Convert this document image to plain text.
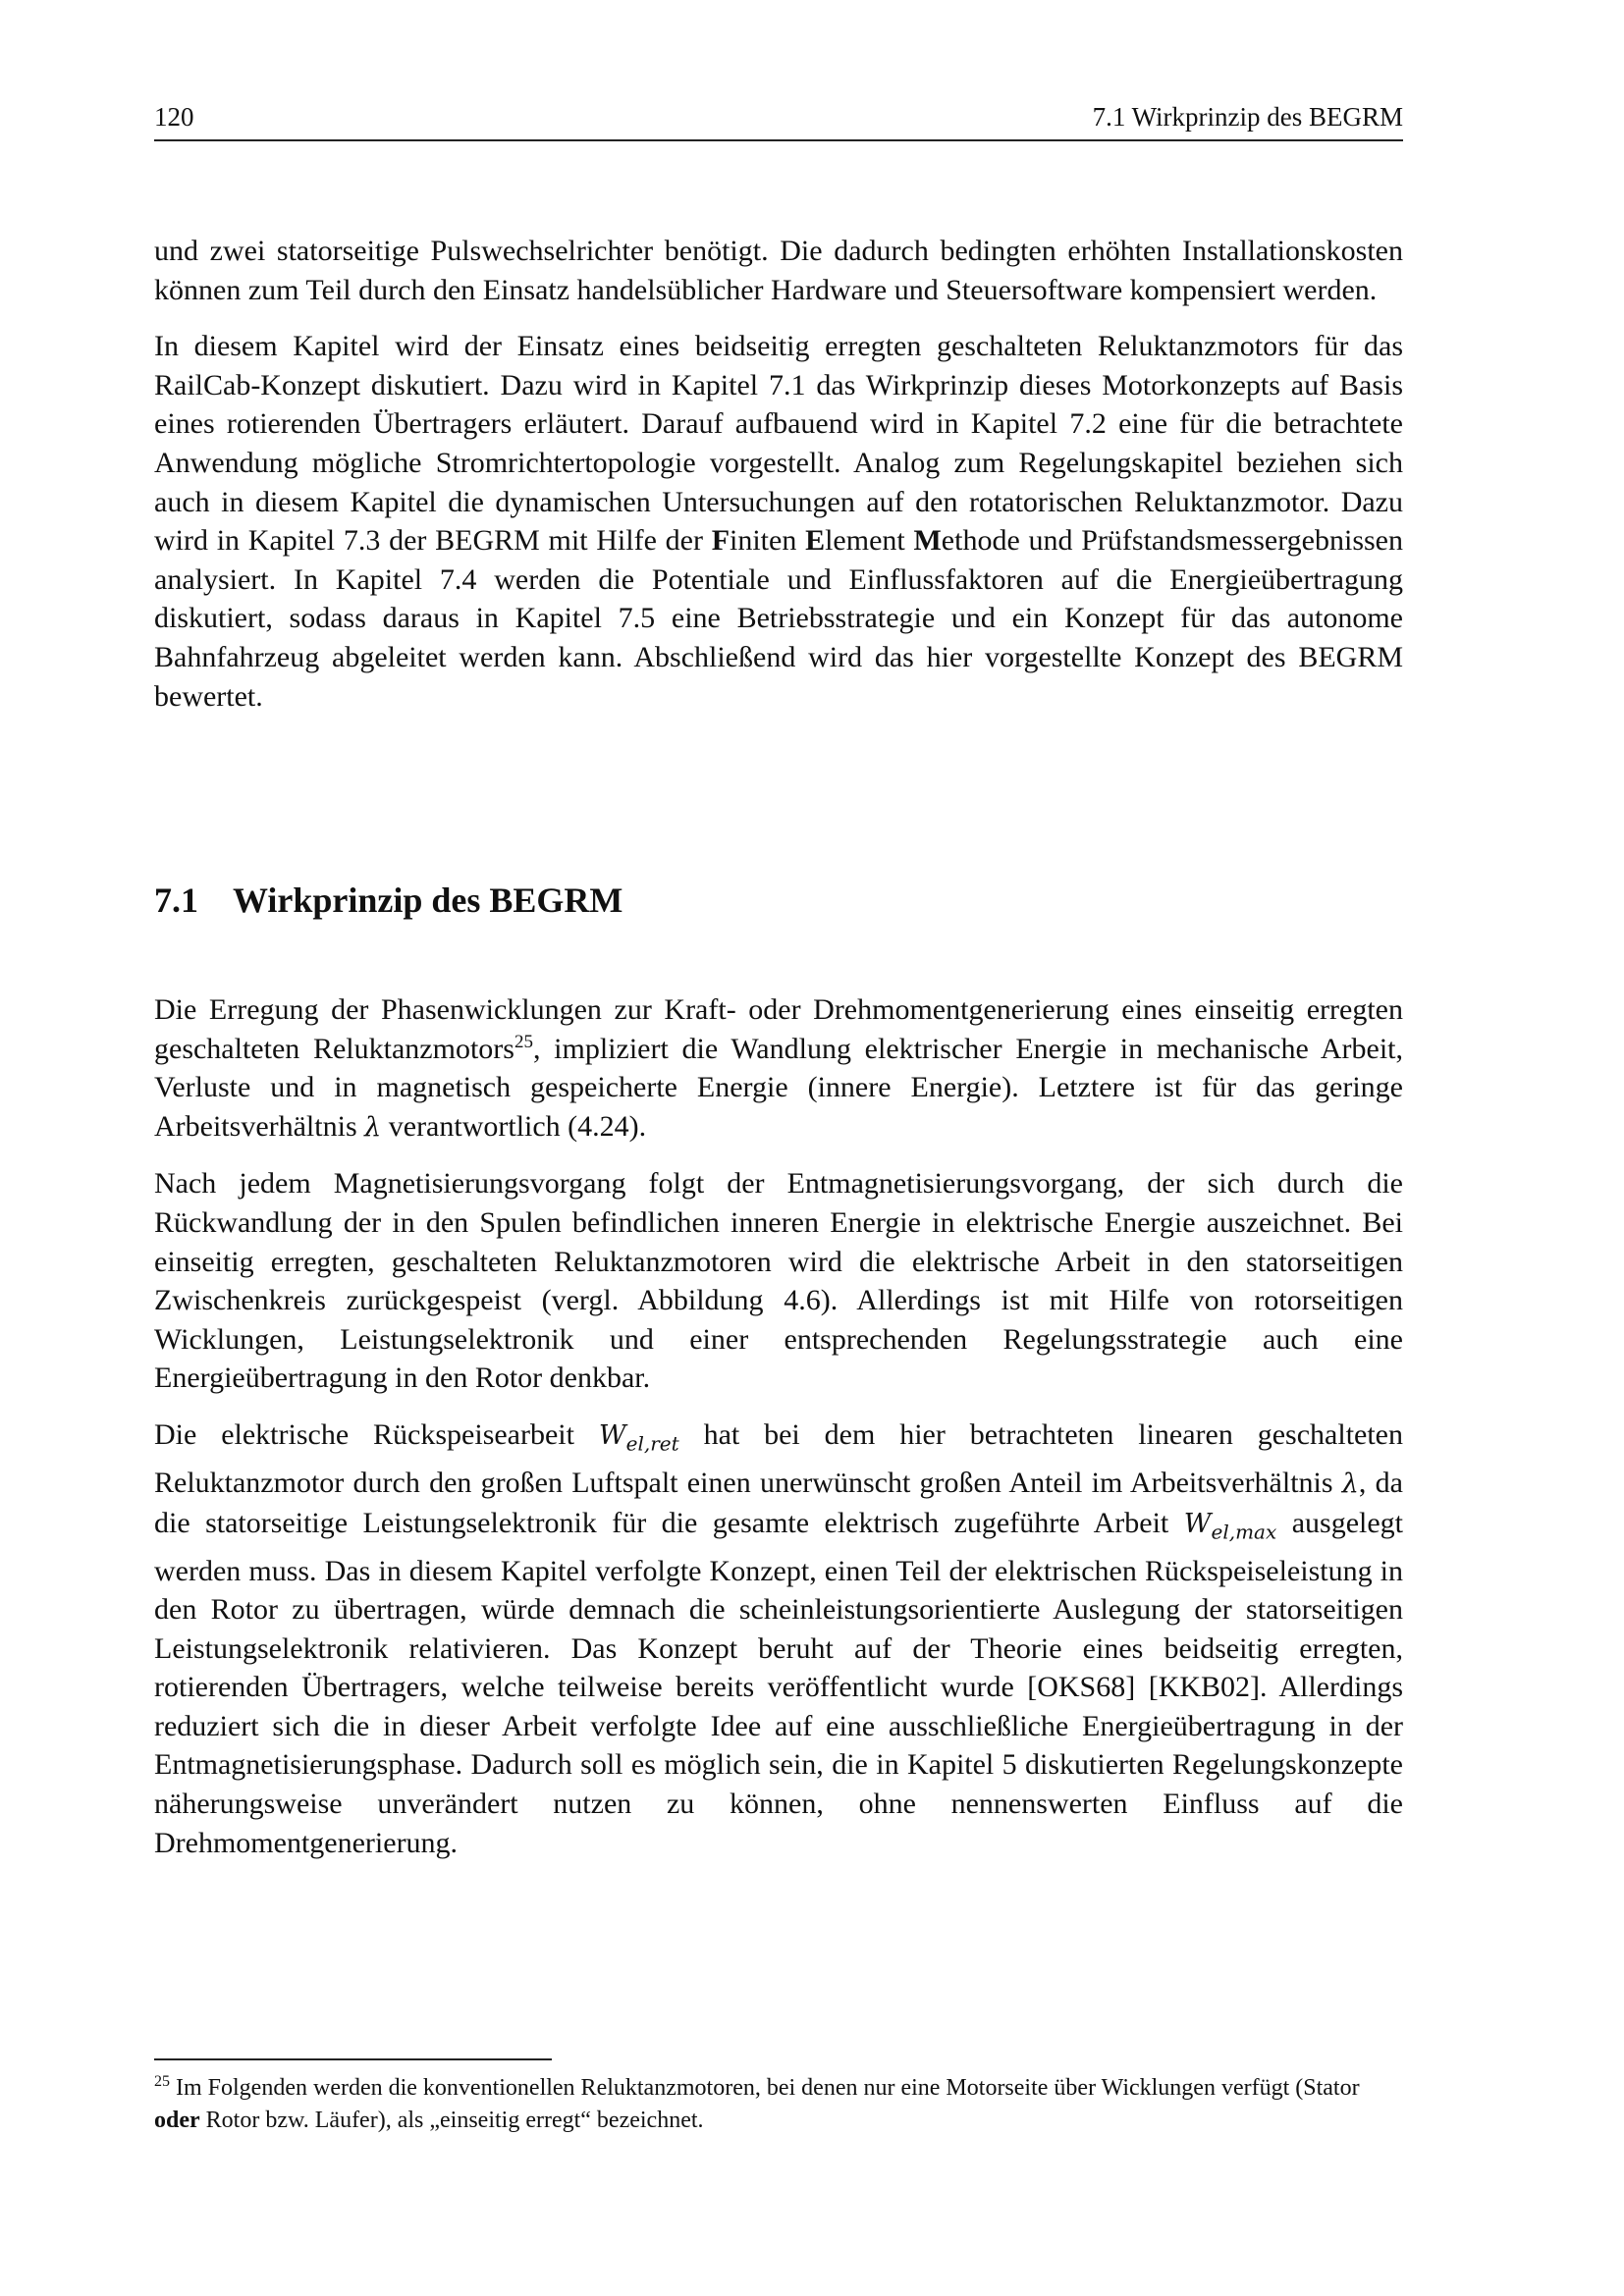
120	7.1 Wirkprinzip des BEGRM

und zwei statorseitige Pulswechselrichter benötigt. Die dadurch bedingten erhöhten Installationskosten können zum Teil durch den Einsatz handelsüblicher Hardware und Steuersoftware kompensiert werden.

In diesem Kapitel wird der Einsatz eines beidseitig erregten geschalteten Reluktanzmotors für das RailCab-Konzept diskutiert. Dazu wird in Kapitel 7.1 das Wirkprinzip dieses Motorkonzepts auf Basis eines rotierenden Übertragers erläutert. Darauf aufbauend wird in Kapitel 7.2 eine für die betrachtete Anwendung mögliche Stromrichtertopologie vorgestellt. Analog zum Regelungskapitel beziehen sich auch in diesem Kapitel die dynamischen Untersuchungen auf den rotatorischen Reluktanzmotor. Dazu wird in Kapitel 7.3 der BEGRM mit Hilfe der Finiten Element Methode und Prüfstandsmessergebnissen analysiert. In Kapitel 7.4 werden die Potentiale und Einflussfaktoren auf die Energieübertragung diskutiert, sodass daraus in Kapitel 7.5 eine Betriebsstrategie und ein Konzept für das autonome Bahnfahrzeug abgeleitet werden kann. Abschließend wird das hier vorgestellte Konzept des BEGRM bewertet.

7.1 Wirkprinzip des BEGRM

Die Erregung der Phasenwicklungen zur Kraft- oder Drehmomentgenerierung eines einseitig erregten geschalteten Reluktanzmotors$^{25}$, impliziert die Wandlung elektrischer Energie in mechanische Arbeit, Verluste und in magnetisch gespeicherte Energie (innere Energie). Letztere ist für das geringe Arbeitsverhältnis λ verantwortlich (4.24).

Nach jedem Magnetisierungsvorgang folgt der Entmagnetisierungsvorgang, der sich durch die Rückwandlung der in den Spulen befindlichen inneren Energie in elektrische Energie auszeichnet. Bei einseitig erregten, geschalteten Reluktanzmotoren wird die elektrische Arbeit in den statorseitigen Zwischenkreis zurückgespeist (vergl. Abbildung 4.6). Allerdings ist mit Hilfe von rotorseitigen Wicklungen, Leistungselektronik und einer entsprechenden Regelungsstrategie auch eine Energieübertragung in den Rotor denkbar.

Die elektrische Rückspeisearbeit $W_{el,ret}$ hat bei dem hier betrachteten linearen geschalteten Reluktanzmotor durch den großen Luftspalt einen unerwünscht großen Anteil im Arbeitsverhältnis λ, da die statorseitige Leistungselektronik für die gesamte elektrisch zugeführte Arbeit $W_{el,max}$ ausgelegt werden muss. Das in diesem Kapitel verfolgte Konzept, einen Teil der elektrischen Rückspeiseleistung in den Rotor zu übertragen, würde demnach die scheinleistungsorientierte Auslegung der statorseitigen Leistungselektronik relativieren. Das Konzept beruht auf der Theorie eines beidseitig erregten, rotierenden Übertragers, welche teilweise bereits veröffentlicht wurde [OKS68] [KKB02]. Allerdings reduziert sich die in dieser Arbeit verfolgte Idee auf eine ausschließliche Energieübertragung in der Entmagnetisierungsphase. Dadurch soll es möglich sein, die in Kapitel 5 diskutierten Regelungskonzepte näherungsweise unverändert nutzen zu können, ohne nennenswerten Einfluss auf die Drehmomentgenerierung.

$^{25}$ Im Folgenden werden die konventionellen Reluktanzmotoren, bei denen nur eine Motorseite über Wicklungen verfügt (Stator oder Rotor bzw. Läufer), als „einseitig erregt“ bezeichnet.
